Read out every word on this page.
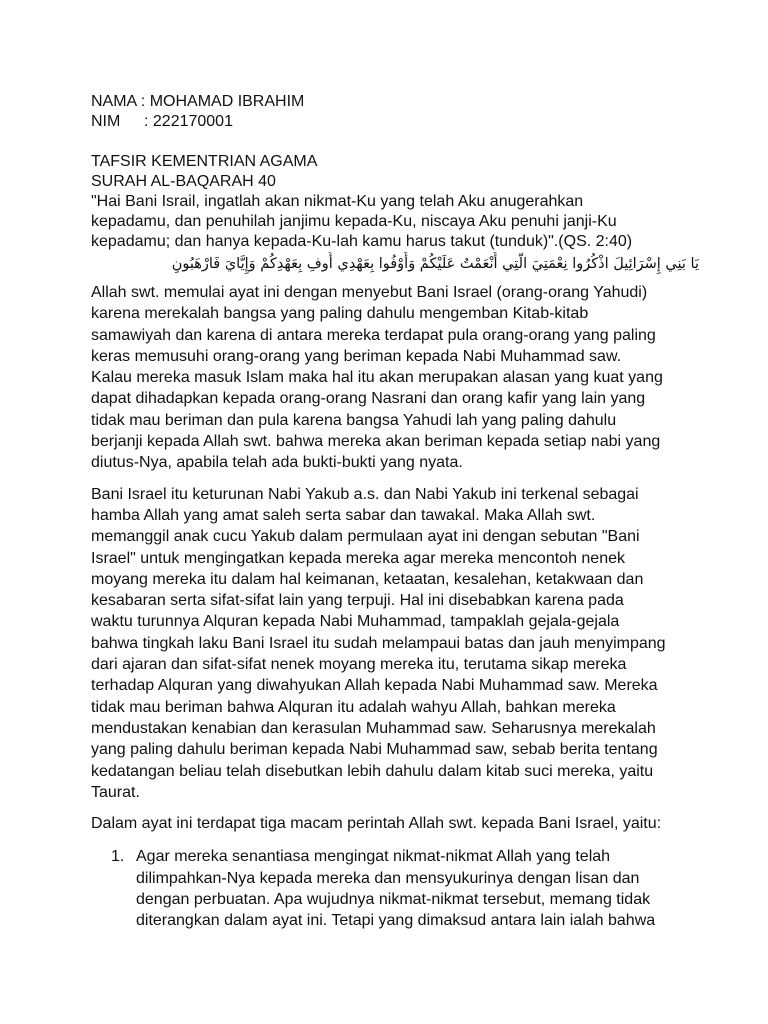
NAMA : MOHAMAD IBRAHIM
NIM : 222170001
TAFSIR KEMENTRIAN AGAMA
SURAH AL-BAQARAH 40
"Hai Bani Israil, ingatlah akan nikmat-Ku yang telah Aku anugerahkan
kepadamu, dan penuhilah janjimu kepada-Ku, niscaya Aku penuhi janji-Ku
kepadamu; dan hanya kepada-Ku-lah kamu harus takut (tunduk)".(QS. 2:40)
يَا بَنِي إِسْرَائِيلَ اذْكُرُوا نِعْمَتِيَ الَّتِي أَنْعَمْتُ عَلَيْكُمْ وَأَوْفُوا بِعَهْدِي أُوفِ بِعَهْدِكُمْ وَإِيَّايَ فَارْهَبُونِ
Allah swt. memulai ayat ini dengan menyebut Bani Israel (orang-orang Yahudi)
karena merekalah bangsa yang paling dahulu mengemban Kitab-kitab
samawiyah dan karena di antara mereka terdapat pula orang-orang yang paling
keras memusuhi orang-orang yang beriman kepada Nabi Muhammad saw.
Kalau mereka masuk Islam maka hal itu akan merupakan alasan yang kuat yang
dapat dihadapkan kepada orang-orang Nasrani dan orang kafir yang lain yang
tidak mau beriman dan pula karena bangsa Yahudi lah yang paling dahulu
berjanji kepada Allah swt. bahwa mereka akan beriman kepada setiap nabi yang
diutus-Nya, apabila telah ada bukti-bukti yang nyata.
Bani Israel itu keturunan Nabi Yakub a.s. dan Nabi Yakub ini terkenal sebagai
hamba Allah yang amat saleh serta sabar dan tawakal. Maka Allah swt.
memanggil anak cucu Yakub dalam permulaan ayat ini dengan sebutan "Bani
Israel" untuk mengingatkan kepada mereka agar mereka mencontoh nenek
moyang mereka itu dalam hal keimanan, ketaatan, kesalehan, ketakwaan dan
kesabaran serta sifat-sifat lain yang terpuji. Hal ini disebabkan karena pada
waktu turunnya Alquran kepada Nabi Muhammad, tampaklah gejala-gejala
bahwa tingkah laku Bani Israel itu sudah melampaui batas dan jauh menyimpang
dari ajaran dan sifat-sifat nenek moyang mereka itu, terutama sikap mereka
terhadap Alquran yang diwahyukan Allah kepada Nabi Muhammad saw. Mereka
tidak mau beriman bahwa Alquran itu adalah wahyu Allah, bahkan mereka
mendustakan kenabian dan kerasulan Muhammad saw. Seharusnya merekalah
yang paling dahulu beriman kepada Nabi Muhammad saw, sebab berita tentang
kedatangan beliau telah disebutkan lebih dahulu dalam kitab suci mereka, yaitu
Taurat.
Dalam ayat ini terdapat tiga macam perintah Allah swt. kepada Bani Israel, yaitu:
1. Agar mereka senantiasa mengingat nikmat-nikmat Allah yang telah
dilimpahkan-Nya kepada mereka dan mensyukurinya dengan lisan dan
dengan perbuatan. Apa wujudnya nikmat-nikmat tersebut, memang tidak
diterangkan dalam ayat ini. Tetapi yang dimaksud antara lain ialah bahwa
